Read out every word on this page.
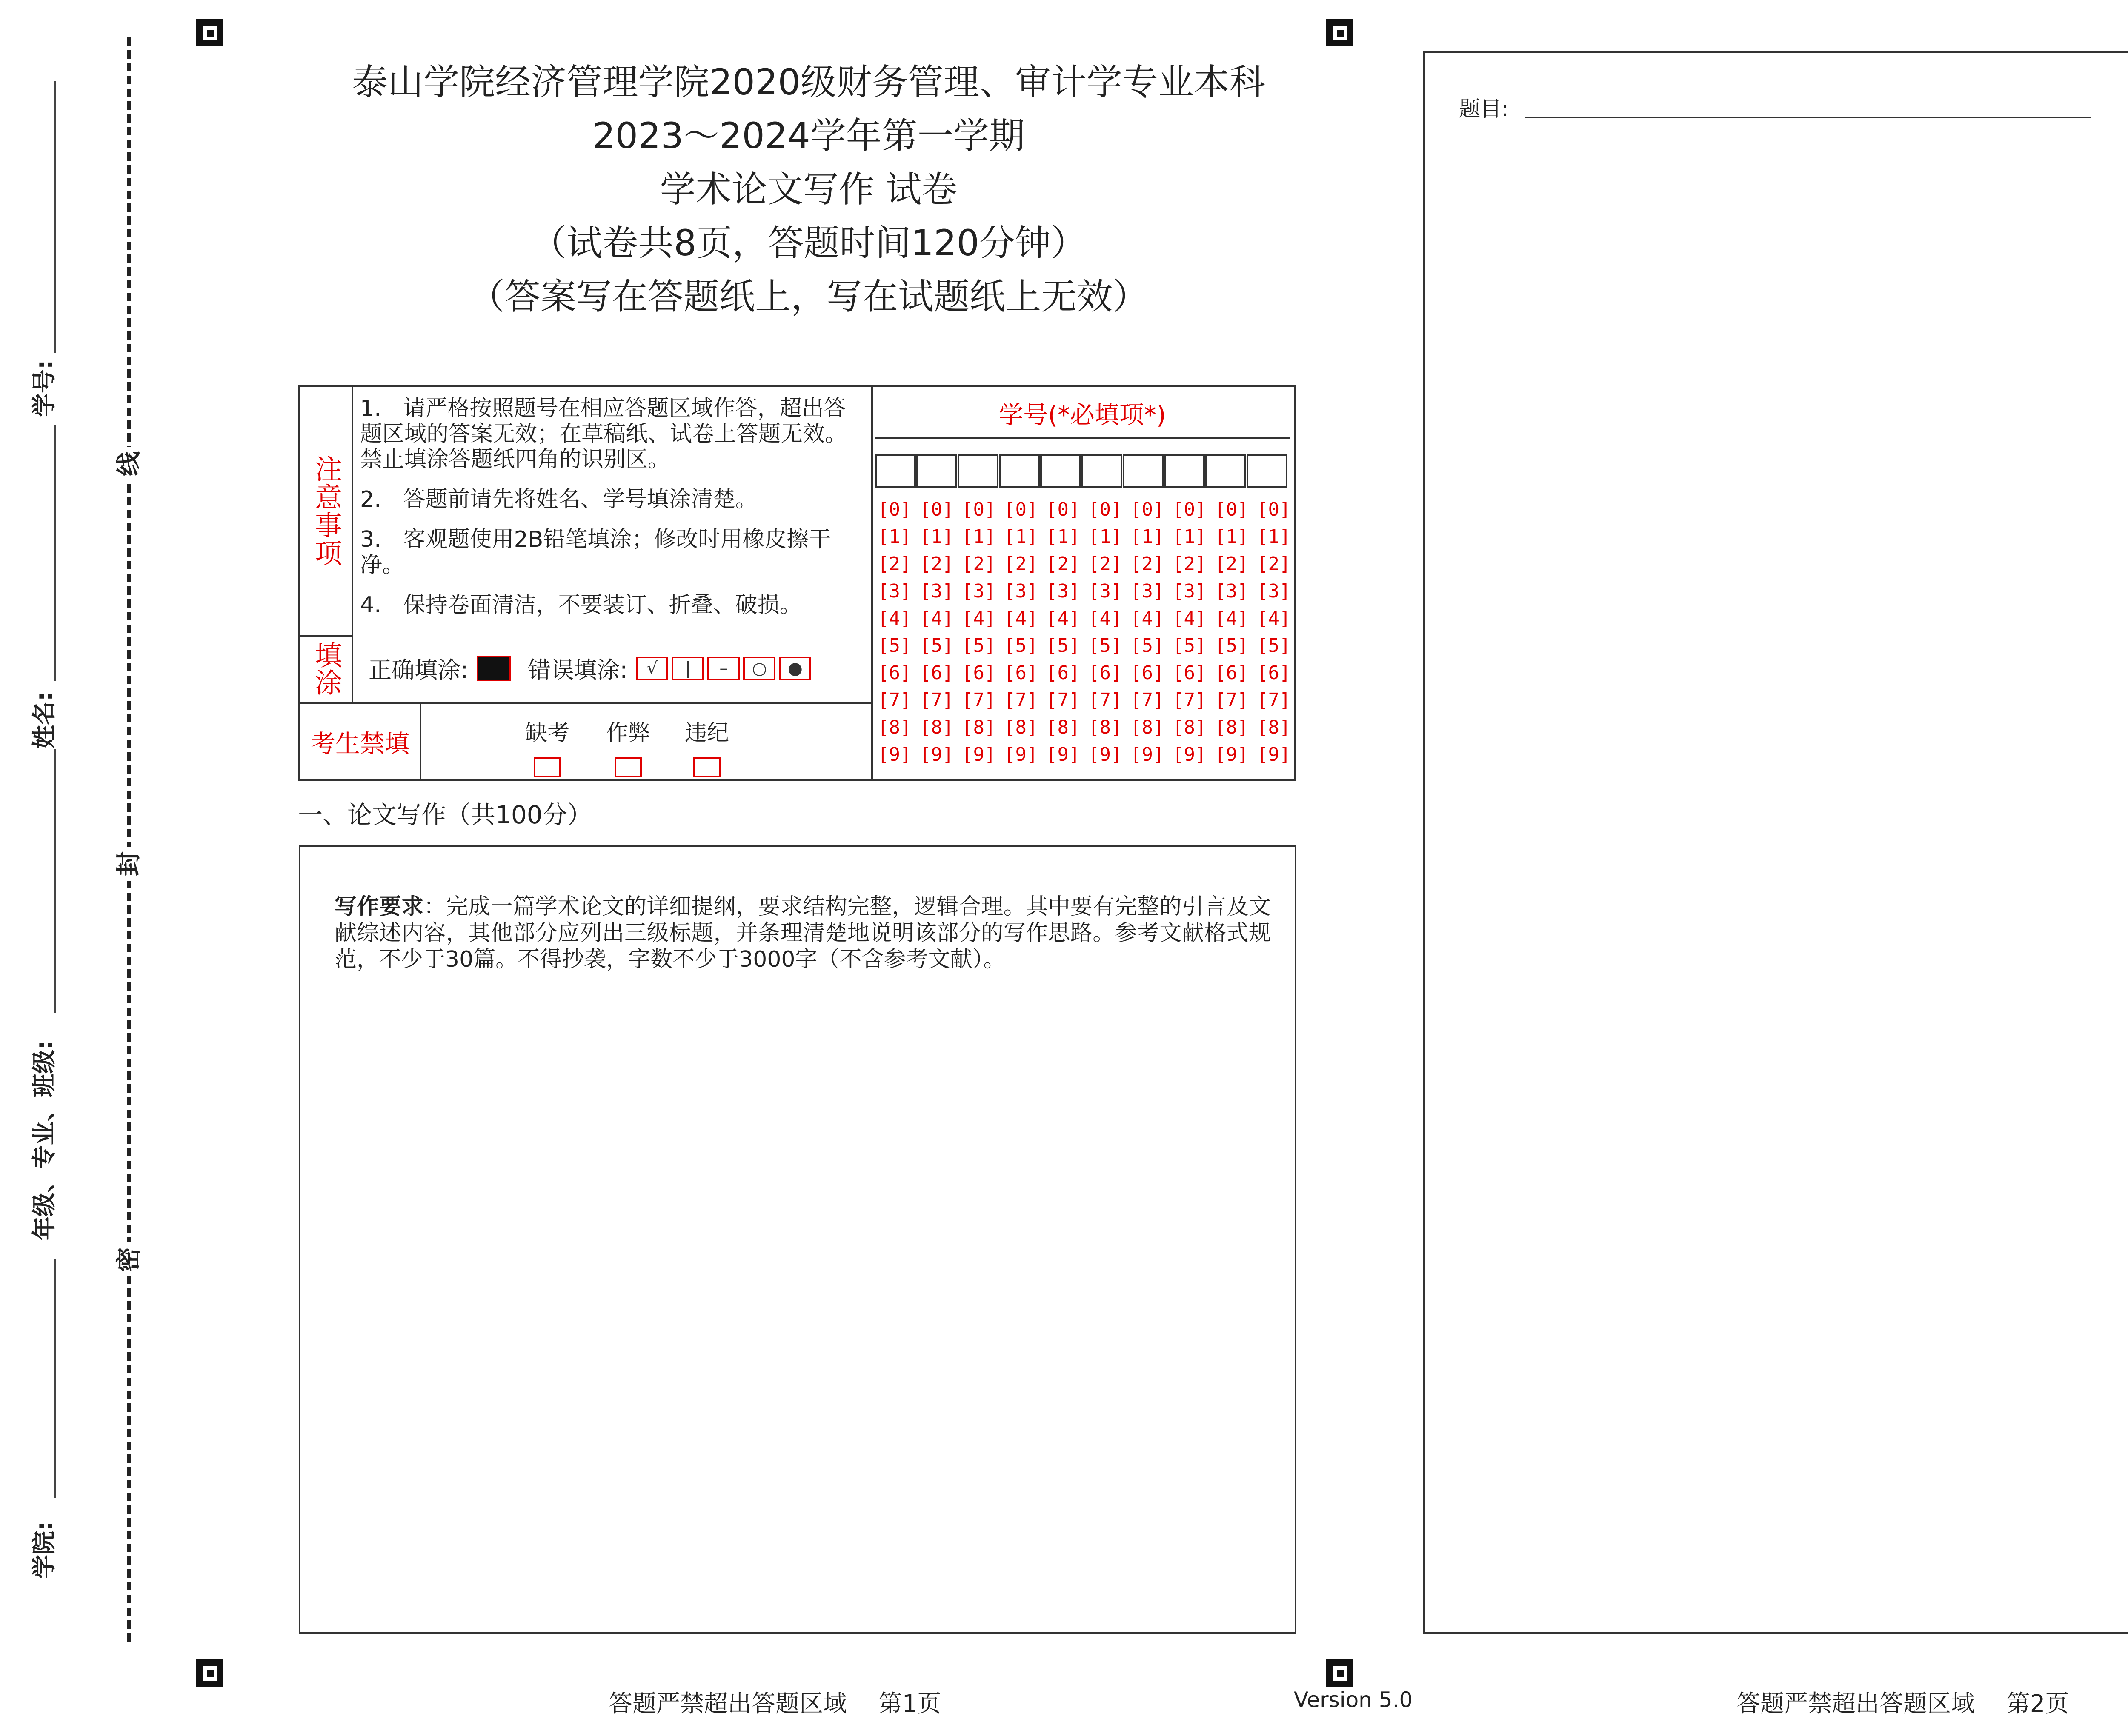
学号:
姓名:
年级、专业、班级:
学院:
线
封
密
泰山学院经济管理学院2020级财务管理、审计学专业本科
2023～2024学年第一学期
学术论文写作 试卷
（试卷共8页，答题时间120分钟）
（答案写在答题纸上，写在试题纸上无效）
注意事项

1.　请严格按照题号在相应答题区域作答，超出答题区域的答案无效；在草稿纸、试卷上答题无效。禁止填涂答题纸四角的识别区。

2.　答题前请先将姓名、学号填涂清楚。

3.　客观题使用2B铅笔填涂；修改时用橡皮擦干净。

4.　保持卷面清洁，不要装订、折叠、破损。

填涂	正确填涂:	错误填涂:	√	|	–	○	●
考生禁填	缺考	作弊	违纪
学号(*必填项*)
[0] [0] [0] [0] [0] [0] [0] [0] [0] [0]
[1] [1] [1] [1] [1] [1] [1] [1] [1] [1]
[2] [2] [2] [2] [2] [2] [2] [2] [2] [2]
[3] [3] [3] [3] [3] [3] [3] [3] [3] [3]
[4] [4] [4] [4] [4] [4] [4] [4] [4] [4]
[5] [5] [5] [5] [5] [5] [5] [5] [5] [5]
[6] [6] [6] [6] [6] [6] [6] [6] [6] [6]
[7] [7] [7] [7] [7] [7] [7] [7] [7] [7]
[8] [8] [8] [8] [8] [8] [8] [8] [8] [8]
[9] [9] [9] [9] [9] [9] [9] [9] [9] [9]
一、论文写作（共100分）
写作要求：完成一篇学术论文的详细提纲，要求结构完整，逻辑合理。其中要有完整的引言及文献综述内容，其他部分应列出三级标题，并条理清楚地说明该部分的写作思路。参考文献格式规范，不少于30篇。不得抄袭，字数不少于3000字（不含参考文献）。
答题严禁超出答题区域　 第1页	Version 5.0	答题严禁超出答题区域　 第2页
题目:
